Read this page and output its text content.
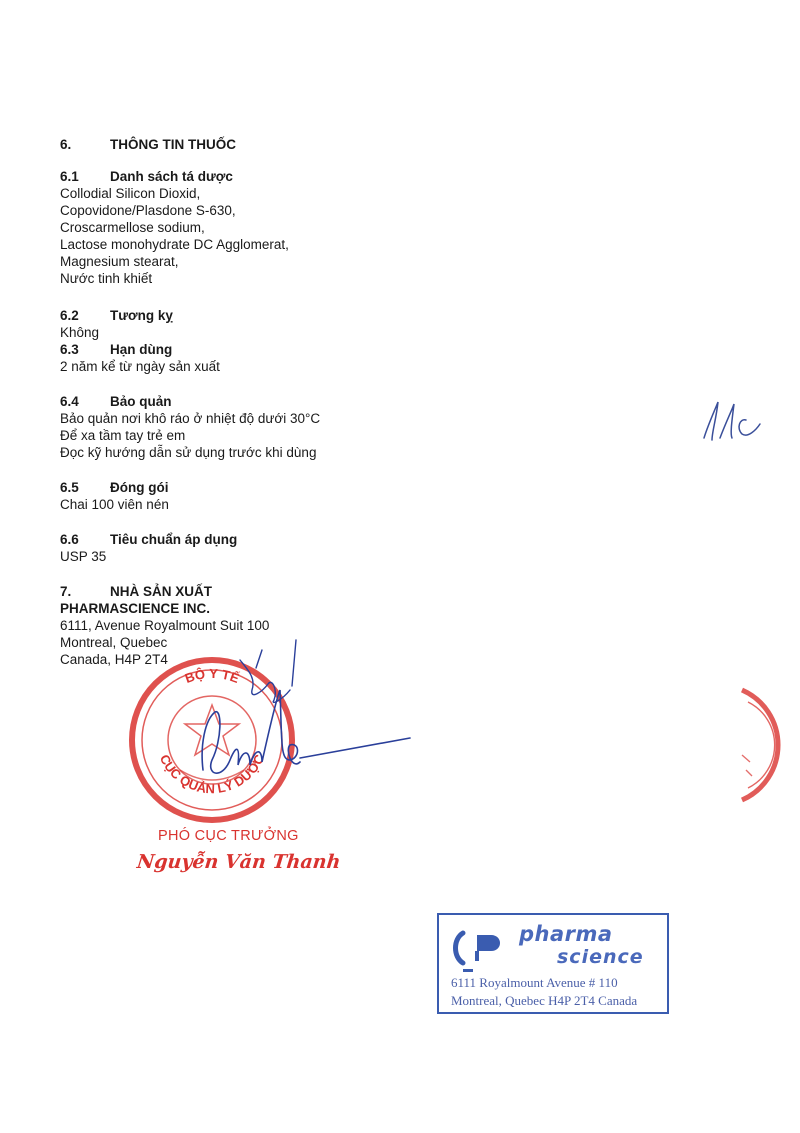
6.	THÔNG TIN THUỐC
6.1 Danh sách tá dược
Collodial Silicon Dioxid,
Copovidone/Plasdone S-630,
Croscarmellose sodium,
Lactose monohydrate DC Agglomerat,
Magnesium stearat,
Nước tinh khiết
6.2 Tương kỵ
Không
6.3 Hạn dùng
2 năm kể từ ngày sản xuất
6.4 Bảo quản
Bảo quản nơi khô ráo ở nhiệt độ dưới 30°C
Để xa tầm tay trẻ em
Đọc kỹ hướng dẫn sử dụng trước khi dùng
6.5 Đóng gói
Chai 100 viên nén
6.6 Tiêu chuẩn áp dụng
USP 35
7.	NHÀ SẢN XUẤT
PHARMASCIENCE INC.
6111, Avenue Royalmount Suit 100
Montreal, Quebec
Canada, H4P 2T4
BỘ Y TẾ
CỤC QUẢN LÝ DƯỢC
PHÓ CỤC TRƯỞNG
Nguyễn Văn Thanh
pharma
science
6111 Royalmount Avenue # 110
Montreal, Quebec H4P 2T4 Canada
